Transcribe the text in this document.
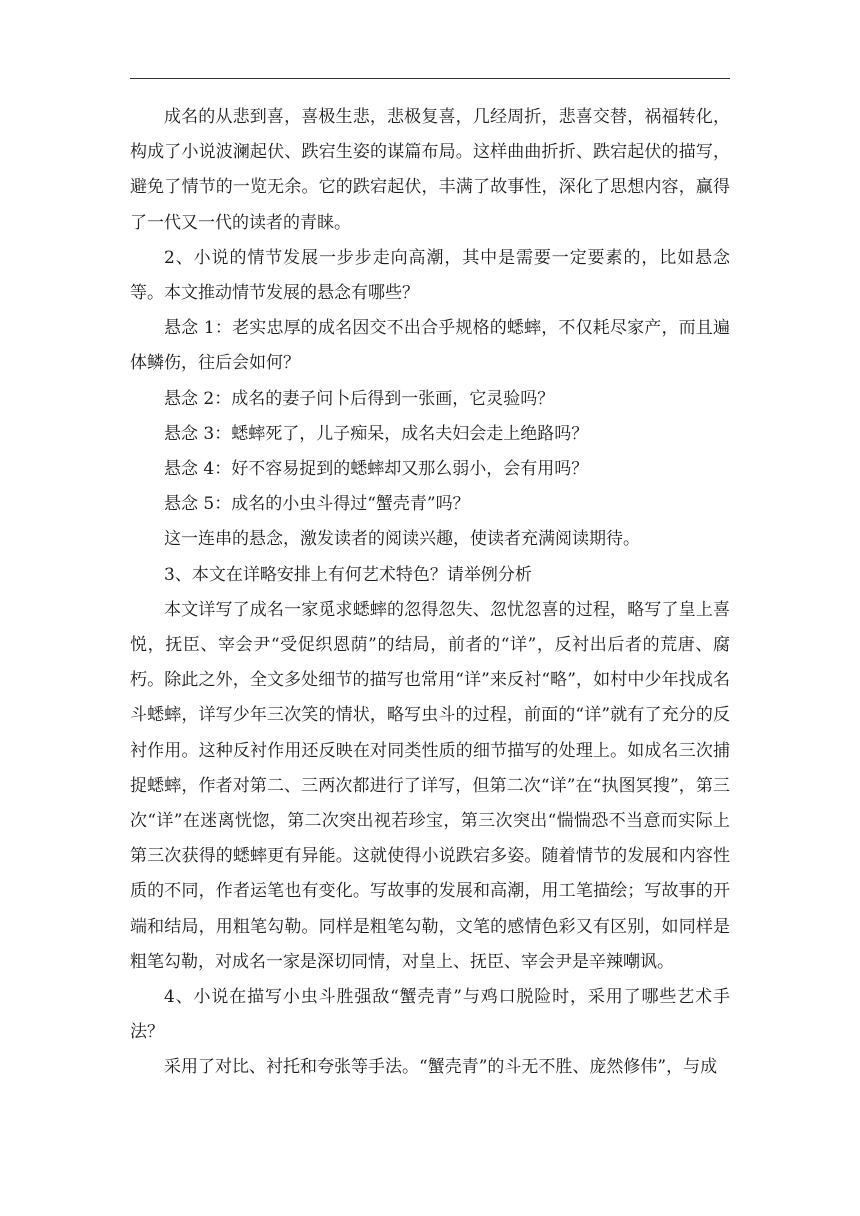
成名的从悲到喜，喜极生悲，悲极复喜，几经周折，悲喜交替，祸福转化，构成了小说波澜起伏、跌宕生姿的谋篇布局。这样曲曲折折、跌宕起伏的描写，避免了情节的一览无余。它的跌宕起伏，丰满了故事性，深化了思想内容，赢得了一代又一代的读者的青睐。

2、小说的情节发展一步步走向高潮，其中是需要一定要素的，比如悬念等。本文推动情节发展的悬念有哪些？

悬念 1：老实忠厚的成名因交不出合乎规格的蟋蟀，不仅耗尽家产，而且遍体鳞伤，往后会如何？

悬念 2：成名的妻子问卜后得到一张画，它灵验吗？

悬念 3：蟋蟀死了，儿子痴呆，成名夫妇会走上绝路吗？

悬念 4：好不容易捉到的蟋蟀却又那么弱小，会有用吗？

悬念 5：成名的小虫斗得过“蟹壳青”吗？

这一连串的悬念，激发读者的阅读兴趣，使读者充满阅读期待。

3、本文在详略安排上有何艺术特色？请举例分析

本文详写了成名一家觅求蟋蟀的忽得忽失、忽忧忽喜的过程，略写了皇上喜悦，抚臣、宰会尹“受促织恩荫”的结局，前者的“详”，反衬出后者的荒唐、腐朽。除此之外，全文多处细节的描写也常用“详”来反衬“略”，如村中少年找成名斗蟋蟀，详写少年三次笑的情状，略写虫斗的过程，前面的“详”就有了充分的反衬作用。这种反衬作用还反映在对同类性质的细节描写的处理上。如成名三次捕捉蟋蟀，作者对第二、三两次都进行了详写，但第二次“详”在“执图冥搜”，第三次“详”在迷离恍惚，第二次突出视若珍宝，第三次突出“惴惴恐不当意而实际上第三次获得的蟋蟀更有异能。这就使得小说跌宕多姿。随着情节的发展和内容性质的不同，作者运笔也有变化。写故事的发展和高潮，用工笔描绘；写故事的开端和结局，用粗笔勾勒。同样是粗笔勾勒，文笔的感情色彩又有区别，如同样是粗笔勾勒，对成名一家是深切同情，对皇上、抚臣、宰会尹是辛辣嘲讽。

4、小说在描写小虫斗胜强敌“蟹壳青”与鸡口脱险时，采用了哪些艺术手法？

采用了对比、衬托和夸张等手法。“蟹壳青”的斗无不胜、庞然修伟”，与成
